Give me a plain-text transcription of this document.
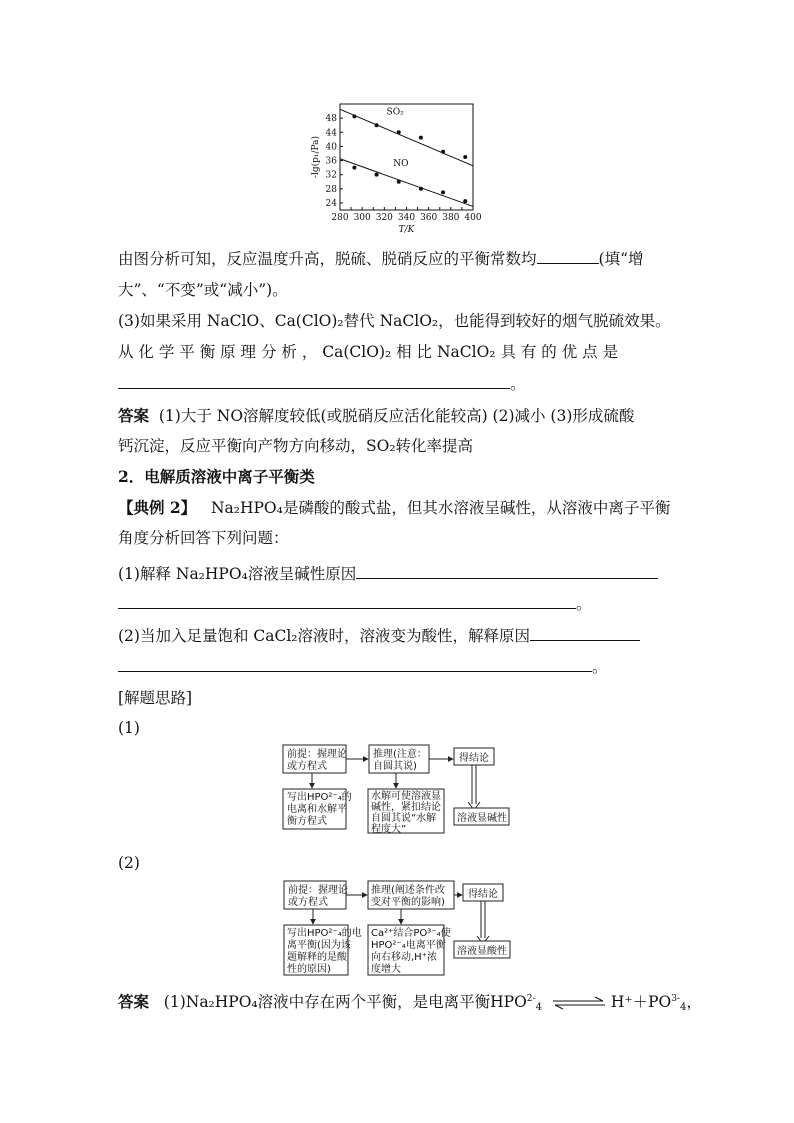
280 300 320 340 360 380 400
24
28
32
36
40
44
48
T/K
-lg(p₁/Pa)
SO₂
NO
由图分析可知，反应温度升高，脱硫、脱硝反应的平衡常数均	(填“增
大”、“不变”或“减小”)。
(3)如果采用 NaClO、Ca(ClO)₂替代 NaClO₂，也能得到较好的烟气脱硫效果。
从 化 学 平 衡 原 理 分 析 ， Ca(ClO)₂ 相 比 NaClO₂ 具 有 的 优 点 是
。
答案 (1)大于 NO溶解度较低(或脱硝反应活化能较高) (2)减小 (3)形成硫酸
钙沉淀，反应平衡向产物方向移动，SO₂转化率提高
2．电解质溶液中离子平衡类
【典例 2】 Na₂HPO₄是磷酸的酸式盐，但其水溶液呈碱性，从溶液中离子平衡
角度分析回答下列问题：
(1)解释 Na₂HPO₄溶液呈碱性原因
。
(2)当加入足量饱和 CaCl₂溶液时，溶液变为酸性，解释原因
。
[解题思路]
(1)
(2)
前提：握理论
或方程式
推理(注意：
自圆其说)
得结论
写出HPO²⁻₄的
电离和水解平
衡方程式
水解可使溶液显
碱性，紧扣结论
自圆其说“水解
程度大”
溶液显碱性
前提：握理论
或方程式
推理(阐述条件改
变对平衡的影响)
得结论
写出HPO²⁻₄的电
离平衡(因为该
题解释的是酸
性的原因)
Ca²⁺结合PO³⁻₄使
HPO²⁻₄电离平衡
向右移动,H⁺浓
度增大
溶液显酸性
答案 (1)Na₂HPO₄溶液中存在两个平衡，是电离平衡$HPO^{2-}_4$ ⇌ $H^++PO^{3-}_4$，
